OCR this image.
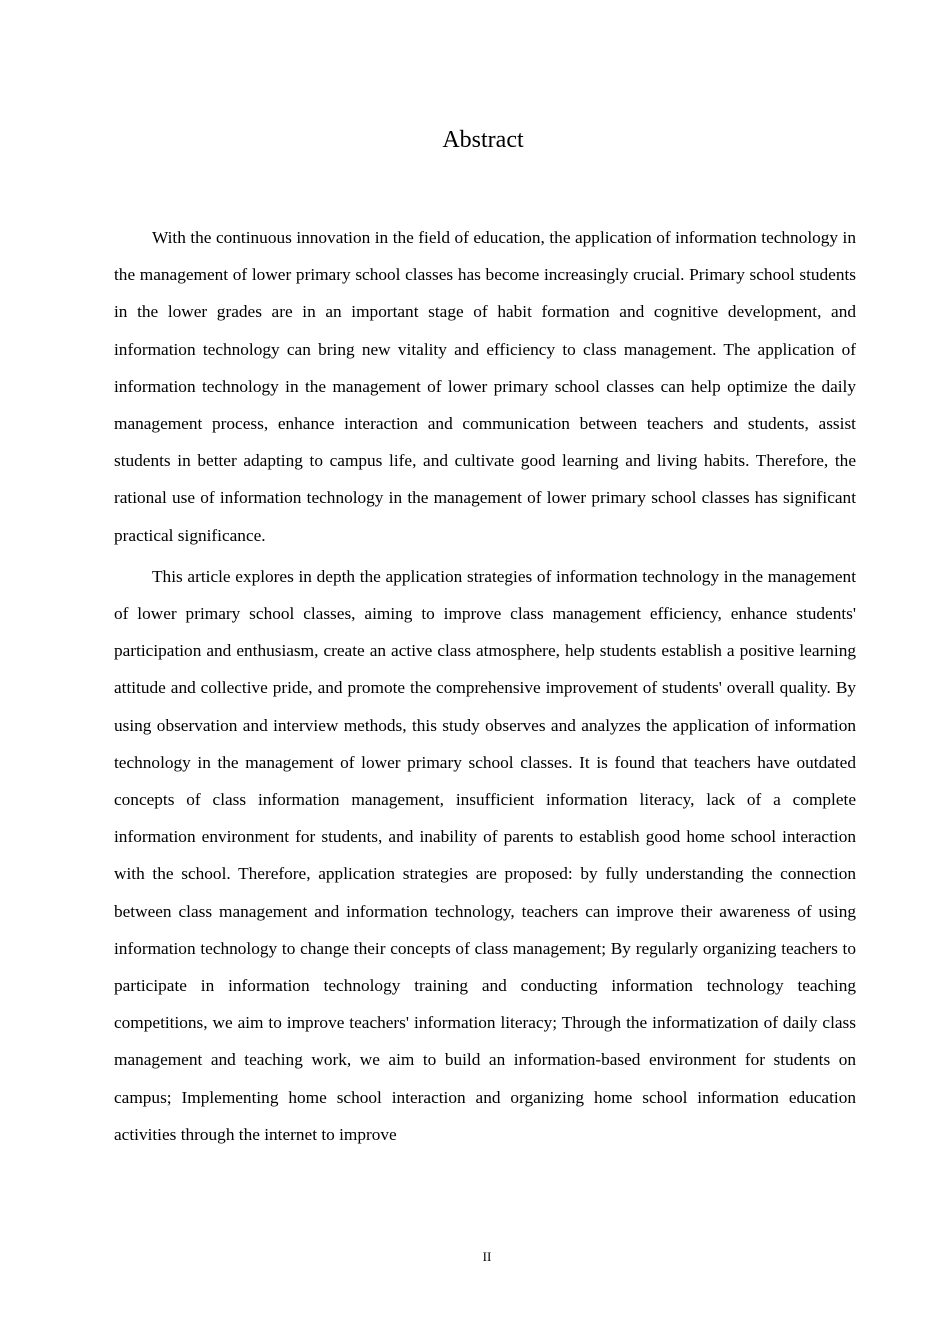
Abstract

With the continuous innovation in the field of education, the application of information technology in the management of lower primary school classes has become increasingly crucial. Primary school students in the lower grades are in an important stage of habit formation and cognitive development, and information technology can bring new vitality and efficiency to class management. The application of information technology in the management of lower primary school classes can help optimize the daily management process, enhance interaction and communication between teachers and students, assist students in better adapting to campus life, and cultivate good learning and living habits. Therefore, the rational use of information technology in the management of lower primary school classes has significant practical significance.

This article explores in depth the application strategies of information technology in the management of lower primary school classes, aiming to improve class management efficiency, enhance students' participation and enthusiasm, create an active class atmosphere, help students establish a positive learning attitude and collective pride, and promote the comprehensive improvement of students' overall quality. By using observation and interview methods, this study observes and analyzes the application of information technology in the management of lower primary school classes. It is found that teachers have outdated concepts of class information management, insufficient information literacy, lack of a complete information environment for students, and inability of parents to establish good home school interaction with the school. Therefore, application strategies are proposed: by fully understanding the connection between class management and information technology, teachers can improve their awareness of using information technology to change their concepts of class management; By regularly organizing teachers to participate in information technology training and conducting information technology teaching competitions, we aim to improve teachers' information literacy; Through the informatization of daily class management and teaching work, we aim to build an information-based environment for students on campus; Implementing home school interaction and organizing home school information education activities through the internet to improve

II
